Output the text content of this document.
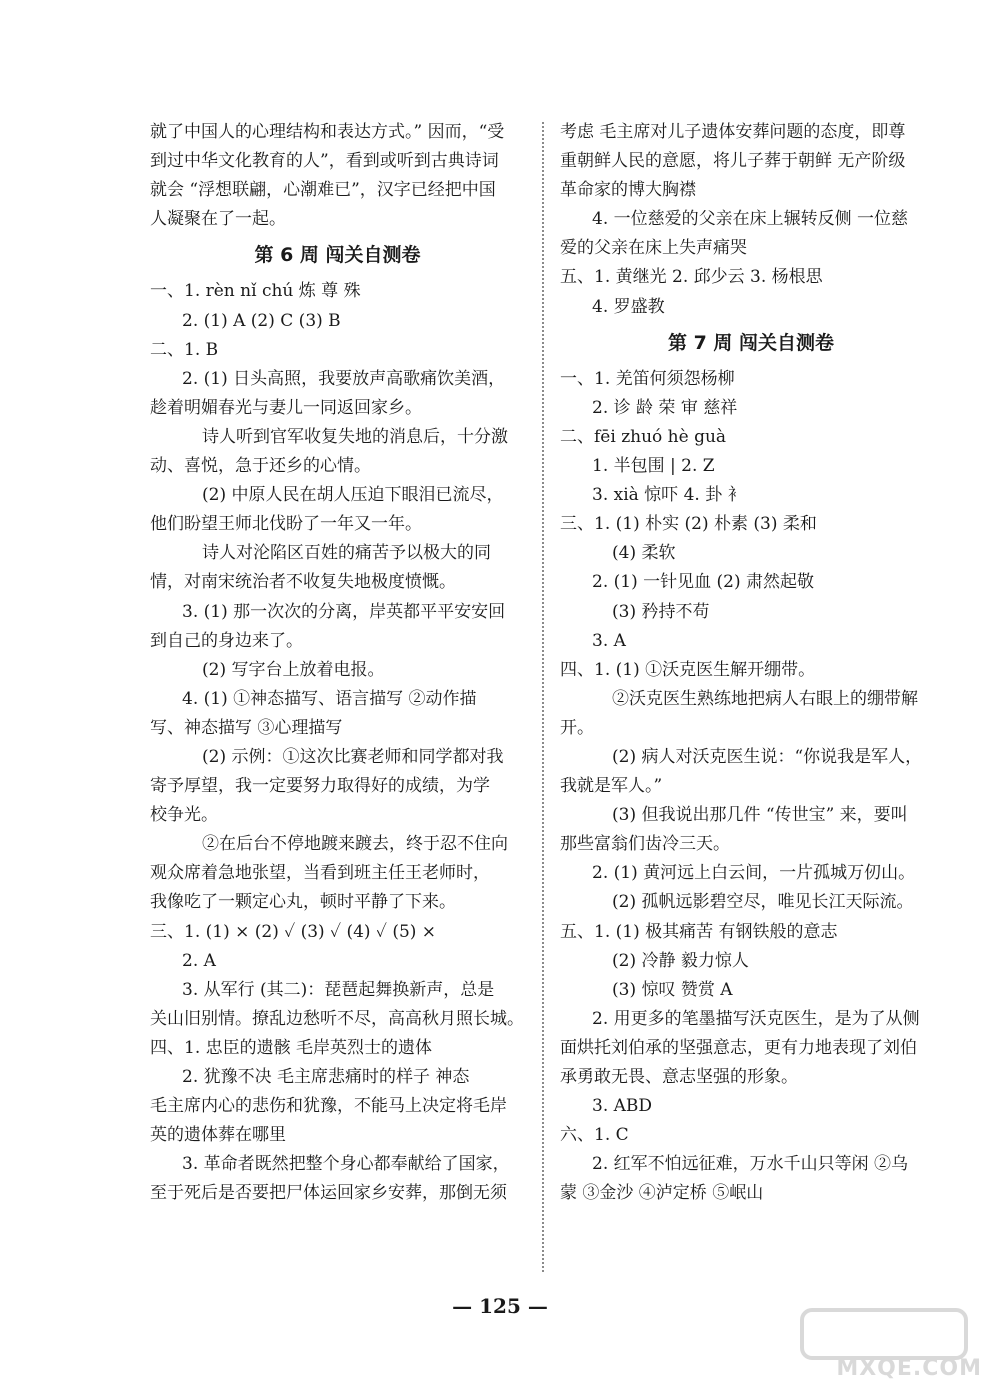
就了中国人的心理结构和表达方式。” 因而，“受
到过中华文化教育的人”，看到或听到古典诗词
就会 “浮想联翩，心潮难已”，汉字已经把中国
人凝聚在了一起。
第 6 周 闯关自测卷
一、1. rèn nǐ chú 炼 尊 殊
2. (1) A (2) C (3) B
二、1. B
2. (1) 日头高照，我要放声高歌痛饮美酒，
趁着明媚春光与妻儿一同返回家乡。
诗人听到官军收复失地的消息后，十分激
动、喜悦，急于还乡的心情。
(2) 中原人民在胡人压迫下眼泪已流尽，
他们盼望王师北伐盼了一年又一年。
诗人对沦陷区百姓的痛苦予以极大的同
情，对南宋统治者不收复失地极度愤慨。
3. (1) 那一次次的分离，岸英都平平安安回
到自己的身边来了。
(2) 写字台上放着电报。
4. (1) ①神态描写、语言描写 ②动作描
写、神态描写 ③心理描写
(2) 示例：①这次比赛老师和同学都对我
寄予厚望，我一定要努力取得好的成绩，为学
校争光。
②在后台不停地踱来踱去，终于忍不住向
观众席着急地张望，当看到班主任王老师时，
我像吃了一颗定心丸，顿时平静了下来。
三、1. (1) × (2) ✓ (3) ✓ (4) ✓ (5) ×
2. A
3. 从军行 (其二)：琵琶起舞换新声，总是
关山旧别情。撩乱边愁听不尽，高高秋月照长城。
四、1. 忠臣的遗骸 毛岸英烈士的遗体
2. 犹豫不决 毛主席悲痛时的样子 神态
毛主席内心的悲伤和犹豫，不能马上决定将毛岸
英的遗体葬在哪里
3. 革命者既然把整个身心都奉献给了国家，
至于死后是否要把尸体运回家乡安葬，那倒无须
考虑 毛主席对儿子遗体安葬问题的态度，即尊
重朝鲜人民的意愿，将儿子葬于朝鲜 无产阶级
革命家的博大胸襟
4. 一位慈爱的父亲在床上辗转反侧 一位慈
爱的父亲在床上失声痛哭
五、1. 黄继光 2. 邱少云 3. 杨根思
4. 罗盛教
第 7 周 闯关自测卷
一、1. 羌笛何须怨杨柳
2. 诊 龄 荣 审 慈祥
二、fēi zhuó hè guà
1. 半包围 | 2. Z
3. xià 惊吓 4. 卦 衤
三、1. (1) 朴实 (2) 朴素 (3) 柔和
(4) 柔软
2. (1) 一针见血 (2) 肃然起敬
(3) 矜持不苟
3. A
四、1. (1) ①沃克医生解开绷带。
②沃克医生熟练地把病人右眼上的绷带解
开。
(2) 病人对沃克医生说：“你说我是军人，
我就是军人。”
(3) 但我说出那几件 “传世宝” 来，要叫
那些富翁们齿冷三天。
2. (1) 黄河远上白云间，一片孤城万仞山。
(2) 孤帆远影碧空尽，唯见长江天际流。
五、1. (1) 极其痛苦 有钢铁般的意志
(2) 冷静 毅力惊人
(3) 惊叹 赞赏 A
2. 用更多的笔墨描写沃克医生，是为了从侧
面烘托刘伯承的坚强意志，更有力地表现了刘伯
承勇敢无畏、意志坚强的形象。
3. ABD
六、1. C
2. 红军不怕远征难，万水千山只等闲 ②乌
蒙 ③金沙 ④泸定桥 ⑤岷山
— 125 —
MXQE.COM
